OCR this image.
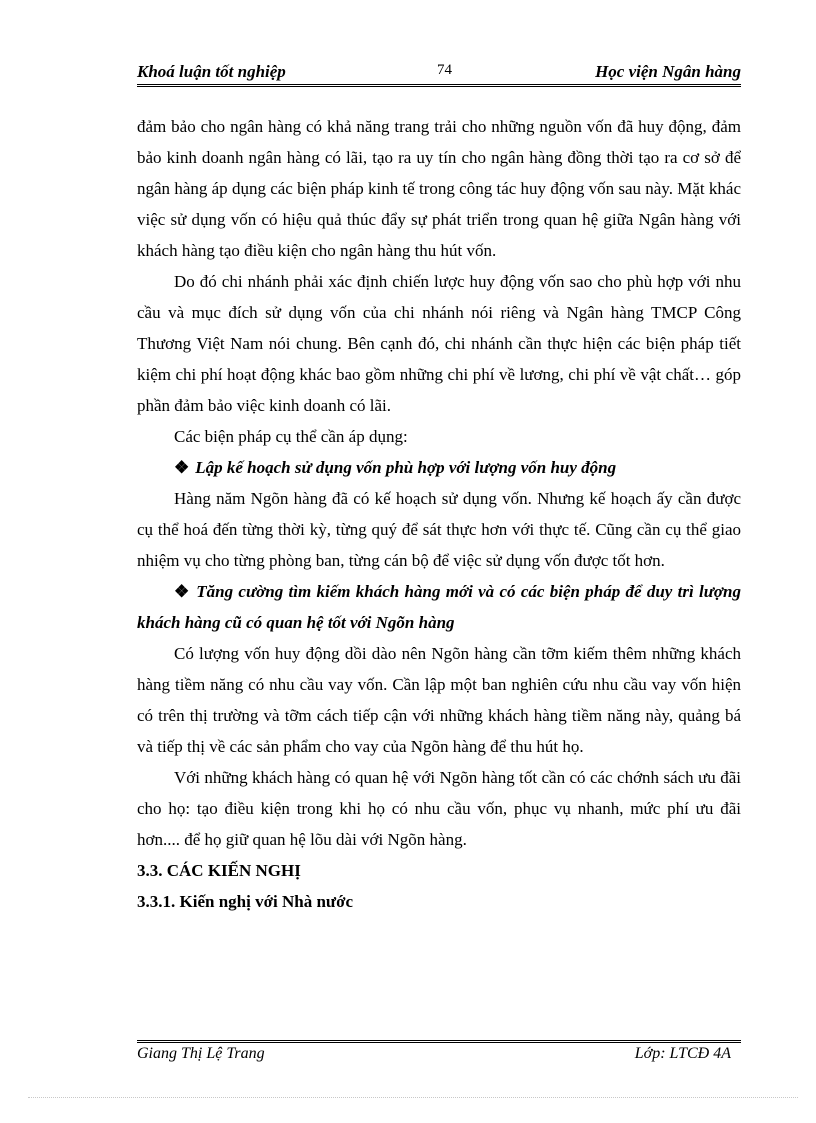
Khoá luận tốt nghiệp	74	Học viện Ngân hàng

đảm bảo cho ngân hàng có khả năng trang trải cho những nguồn vốn đã huy động, đảm bảo kinh doanh ngân hàng có lãi, tạo ra uy tín cho ngân hàng đồng thời tạo ra cơ sở để ngân hàng áp dụng các biện pháp kinh tế trong công tác huy động vốn sau này. Mặt khác việc sử dụng vốn có hiệu quả thúc đẩy sự phát triển trong quan hệ giữa Ngân hàng với khách hàng tạo điều kiện cho ngân hàng thu hút vốn.

Do đó chi nhánh phải xác định chiến lược huy động vốn sao cho phù hợp với nhu cầu và mục đích sử dụng vốn của chi nhánh nói riêng và Ngân hàng TMCP Công Thương Việt Nam nói chung. Bên cạnh đó, chi nhánh cần thực hiện các biện pháp tiết kiệm chi phí hoạt động khác bao gồm những chi phí về lương, chi phí về vật chất… góp phần đảm bảo việc kinh doanh có lãi.

Các biện pháp cụ thể cần áp dụng:

❖ Lập kế hoạch sử dụng vốn phù hợp với lượng vốn huy động

Hàng năm Ngõn hàng đã có kế hoạch sử dụng vốn. Nhưng kế hoạch ấy cần được cụ thể hoá đến từng thời kỳ, từng quý để sát thực hơn với thực tế. Cũng cần cụ thể giao nhiệm vụ cho từng phòng ban, từng cán bộ để việc sử dụng vốn được tốt hơn.

❖ Tăng cường tìm kiếm khách hàng mới và có các biện pháp để duy trì lượng khách hàng cũ có quan hệ tốt với Ngõn hàng

Có lượng vốn huy động dồi dào nên Ngõn hàng cần tỡm kiếm thêm những khách hàng tiềm năng có nhu cầu vay vốn. Cần lập một ban nghiên cứu nhu cầu vay vốn hiện có trên thị trường và tỡm cách tiếp cận với những khách hàng tiềm năng này, quảng bá và tiếp thị về các sản phẩm cho vay của Ngõn hàng để thu hút họ.

Với những khách hàng có quan hệ với Ngõn hàng tốt cần có các chớnh sách ưu đãi cho họ: tạo điều kiện trong khi họ có nhu cầu vốn, phục vụ nhanh, mức phí ưu đãi hơn.... để họ giữ quan hệ lõu dài với Ngõn hàng.

3.3. CÁC KIẾN NGHỊ

3.3.1. Kiến nghị với Nhà nước

Giang Thị Lệ Trang	Lớp: LTCĐ 4A
